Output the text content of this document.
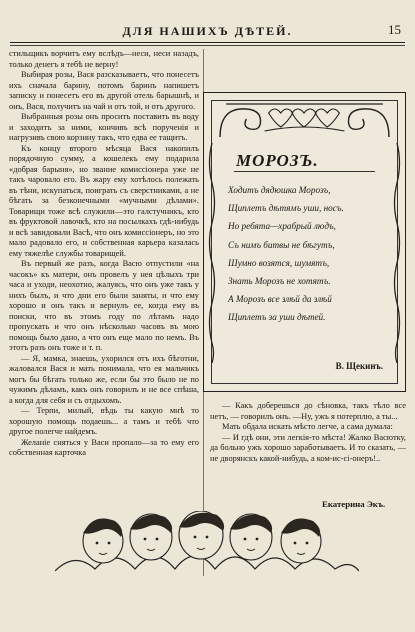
ДЛЯ НАШИХЪ ДѢТЕЙ.	15

стильщикъ ворчитъ ему вслѣдъ—неси, неси назадъ, только денегъ я тебѣ не верну!

Выбирая розы, Вася разсказываетъ, что понесетъ ихъ сначала барину, потомъ баринъ напишетъ записку и понесетъ его въ другой отель барышнѣ, и онъ, Вася, получитъ на чай и отъ той, и отъ другого.

Выбранныя розы онъ проситъ поставить въ воду и заходитъ за ними, кончивъ всѣ порученія и нагрузивъ свою корзину такъ, что едва ее тащитъ.

Къ концу второго мѣсяца Вася накопилъ порядочную сумму, а кошелекъ ему подарила «добрая барыня», но звание комиссіонера уже не такъ чаровало его. Въ жару ему хотѣлось полежать въ тѣни, искупаться, поиграть съ сверстниками, а не бѣгать за безконечными «мучными дѣлами». Товарищи тоже всѣ служили—это галстучникъ, кто въ фруктовой лавочкѣ, кто на посылкахъ гдѣ-нибудь и всѣ завидовали Васѣ, что онъ комиссіонеръ, но это мало радовало его, и собственная карьера казалась ему тяжелѣе службы товарищей.

Въ первый же разъ, когда Васю отпустили «на часокъ» къ матери, онъ провелъ у нея цѣлыхъ три часа и уходи, неохотно, жалуясь, что онъ уже такъ у нихъ былъ, и что дни его были заняты, и что ему хорошо и онъ такъ и вернулъ ее, когда ему въ поиски, что въ этомъ году по лѣтамъ надо пропускать и что онъ нѣсколько часовъ въ мою помощь было дано, а что онъ еще мало по немъ. Въ этотъ разъ онъ тоже и т. п.

— Я, мамка, знаешь, ухорился отъ ихъ бѣготни, жаловался Вася и мать понимала, что ея мальчикъ могъ бы бѣгать только же, если бы это было не по чужимъ дѣламъ, какъ онъ говорилъ и не все спѣша, а когда для себя и съ отдыхомъ.

— Терпи, милый, вѣдь ты какую мнѣ то хорошую помощь подаешь... а тамъ и тебѣ что другое полегче найдемъ.

Желаніе сняться у Васи пропало—за то ему его собственная карточка

МОРОЗЪ.
Ходитъ дядюшка Морозъ,
Щиплетъ дѣтямъ уши, носъ.
Но ребята—храбрый людъ,
Съ нимъ битвы не бѣгутъ,
Шумно возятся, шумятъ,
Знать Морозъ не хотятъ.
А Морозъ все злѣй да злѣй
Щиплетъ за уши дѣтей.
В. Щекинъ.

— Какъ доберешься до сѣновка, такъ тѣло все нетъ, — говорилъ онъ. —Ну, ужъ я потерплю, а ты...

Мать обдала искать мѣсто легче, а сама думала:

— И гдѣ они, эти легкія-то мѣста! Жалко Васютку, да больно ужъ хорошо заработываетъ. И то сказать, —не дворянскъ какой-нибудь, а ком-ис-сі-онеръ!..

Екатерина Экъ.
